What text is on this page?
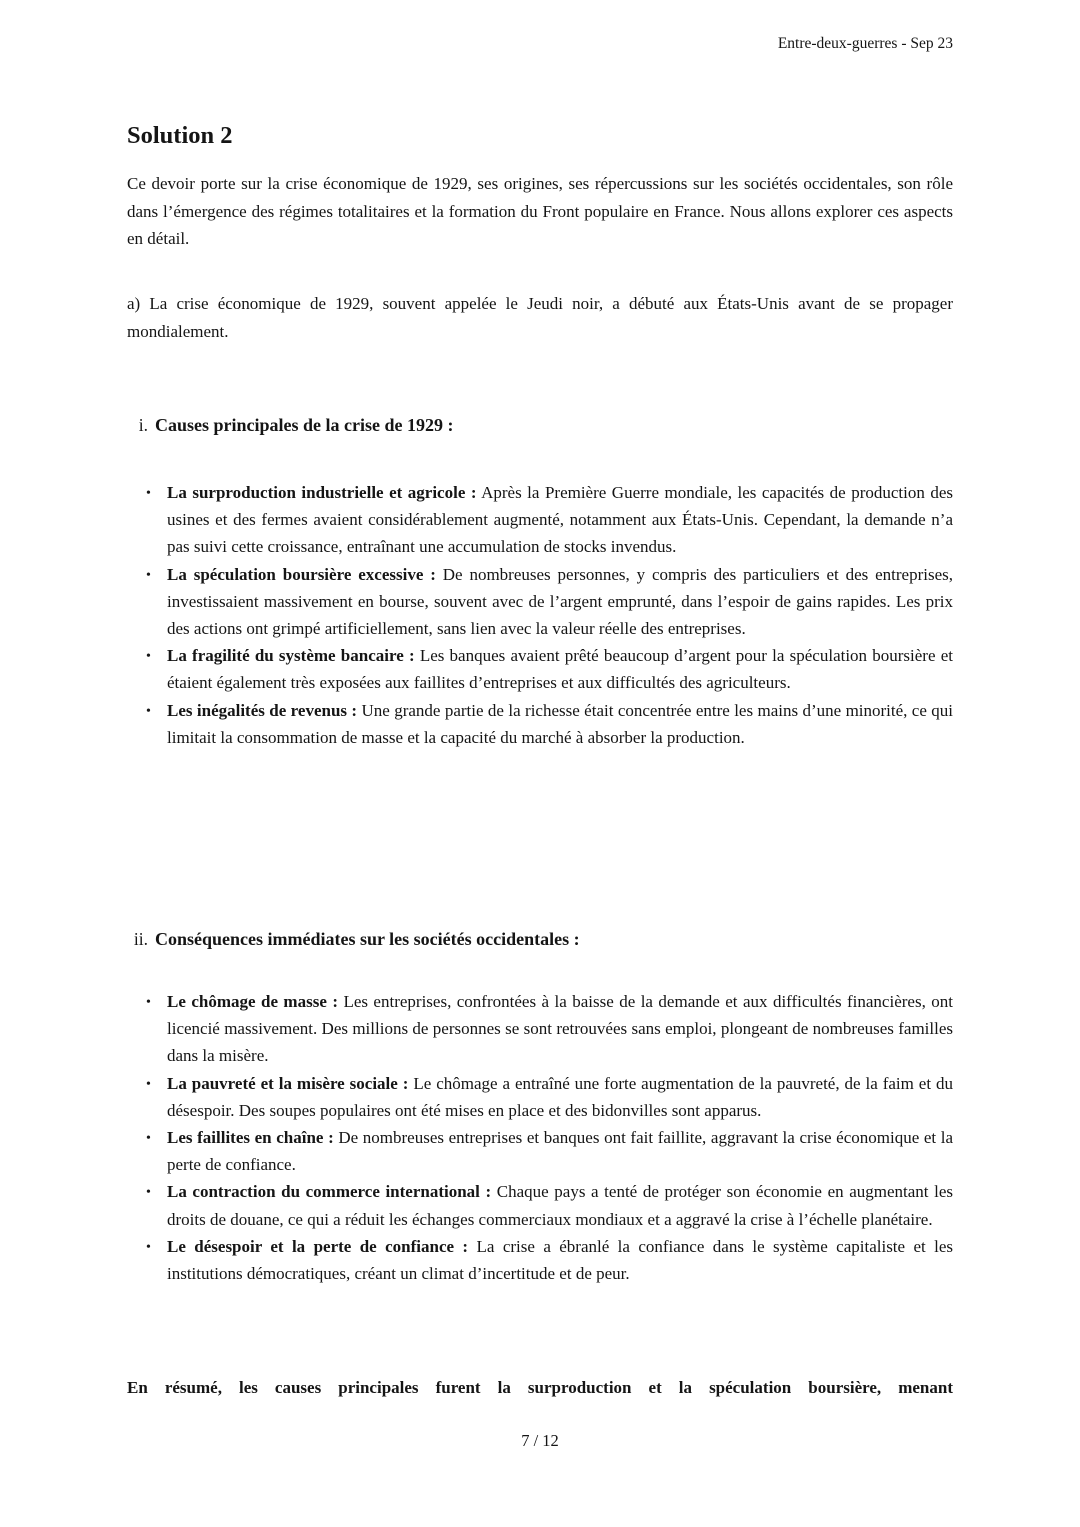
Entre-deux-guerres - Sep 23
Solution 2

Ce devoir porte sur la crise économique de 1929, ses origines, ses répercussions sur les sociétés occidentales, son rôle dans l’émergence des régimes totalitaires et la formation du Front populaire en France. Nous allons explorer ces aspects en détail.

a) La crise économique de 1929, souvent appelée le Jeudi noir, a débuté aux États-Unis avant de se propager mondialement.

i. Causes principales de la crise de 1929 :
• La surproduction industrielle et agricole : Après la Première Guerre mondiale, les capacités de production des usines et des fermes avaient considérablement augmenté, notamment aux États-Unis. Cependant, la demande n’a pas suivi cette croissance, entraînant une accumulation de stocks invendus.
• La spéculation boursière excessive : De nombreuses personnes, y compris des particuliers et des entreprises, investissaient massivement en bourse, souvent avec de l’argent emprunté, dans l’espoir de gains rapides. Les prix des actions ont grimpé artificiellement, sans lien avec la valeur réelle des entreprises.
• La fragilité du système bancaire : Les banques avaient prêté beaucoup d’argent pour la spéculation boursière et étaient également très exposées aux faillites d’entreprises et aux difficultés des agriculteurs.
• Les inégalités de revenus : Une grande partie de la richesse était concentrée entre les mains d’une minorité, ce qui limitait la consommation de masse et la capacité du marché à absorber la production.
ii. Conséquences immédiates sur les sociétés occidentales :
• Le chômage de masse : Les entreprises, confrontées à la baisse de la demande et aux difficultés financières, ont licencié massivement. Des millions de personnes se sont retrouvées sans emploi, plongeant de nombreuses familles dans la misère.
• La pauvreté et la misère sociale : Le chômage a entraîné une forte augmentation de la pauvreté, de la faim et du désespoir. Des soupes populaires ont été mises en place et des bidonvilles sont apparus.
• Les faillites en chaîne : De nombreuses entreprises et banques ont fait faillite, aggravant la crise économique et la perte de confiance.
• La contraction du commerce international : Chaque pays a tenté de protéger son économie en augmentant les droits de douane, ce qui a réduit les échanges commerciaux mondiaux et a aggravé la crise à l’échelle planétaire.
• Le désespoir et la perte de confiance : La crise a ébranlé la confiance dans le système capitaliste et les institutions démocratiques, créant un climat d’incertitude et de peur.

En résumé, les causes principales furent la surproduction et la spéculation boursière, menant

7 / 12
